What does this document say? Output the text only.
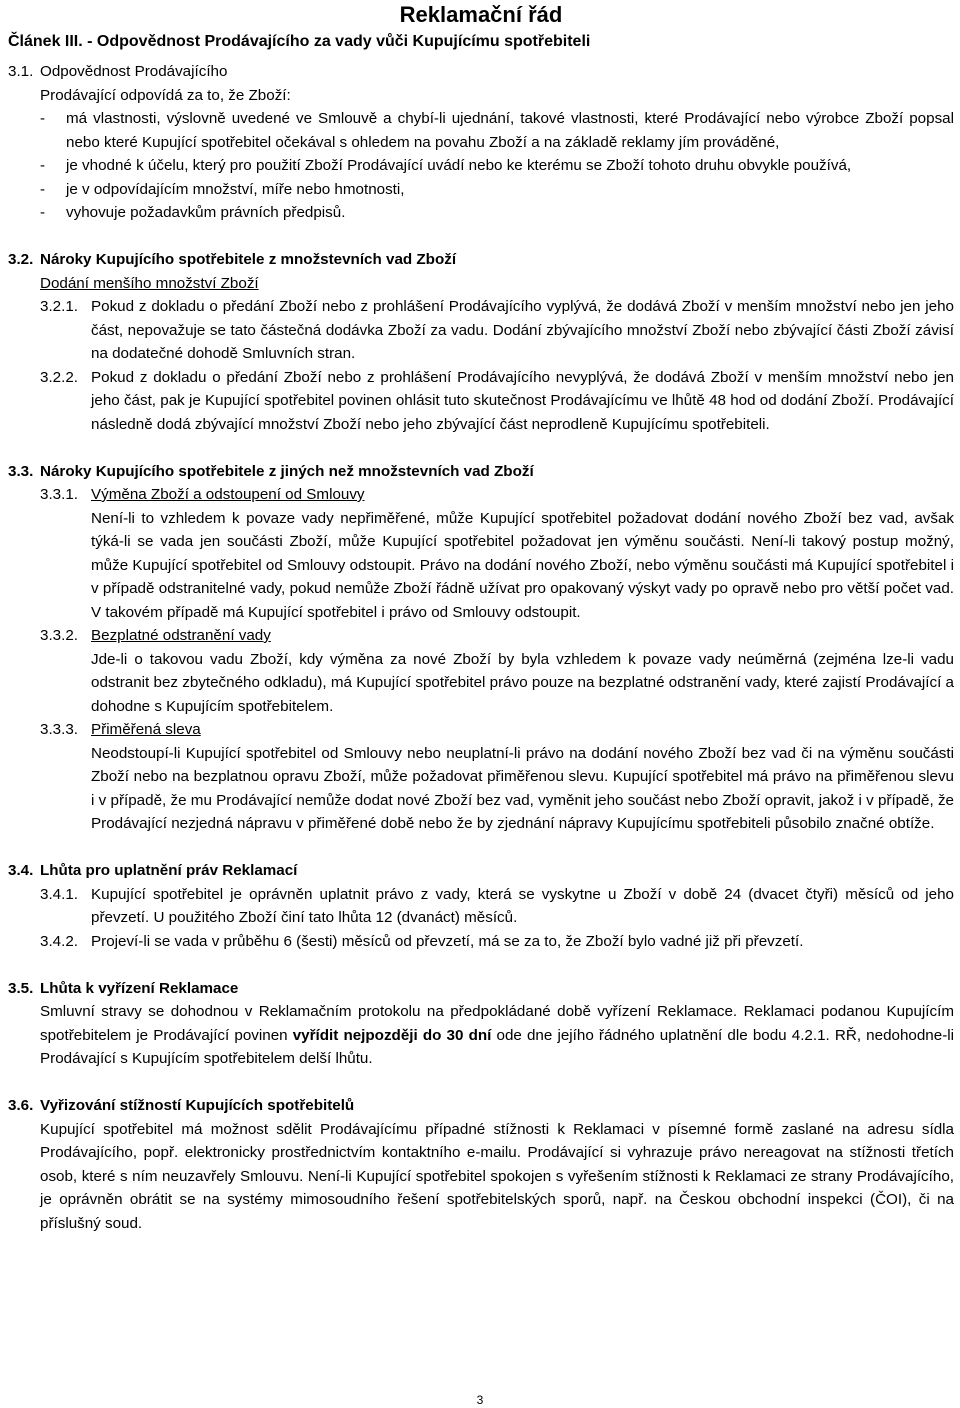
Reklamační řád
Článek III. - Odpovědnost Prodávajícího za vady vůči Kupujícímu spotřebiteli
3.1. Odpovědnost Prodávajícího

Prodávající odpovídá za to, že Zboží:

-	má vlastnosti, výslovně uvedené ve Smlouvě a chybí-li ujednání, takové vlastnosti, které Prodávající nebo výrobce Zboží popsal nebo které Kupující spotřebitel očekával s ohledem na povahu Zboží a na základě reklamy jím prováděné,
-	je vhodné k účelu, který pro použití Zboží Prodávající uvádí nebo ke kterému se Zboží tohoto druhu obvykle používá,
-	je v odpovídajícím množství, míře nebo hmotnosti,
-	vyhovuje požadavkům právních předpisů.
3.2. Nároky Kupujícího spotřebitele z množstevních vad Zboží

Dodání menšího množství Zboží

3.2.1. Pokud z dokladu o předání Zboží nebo z prohlášení Prodávajícího vyplývá, že dodává Zboží v menším množství nebo jen jeho část, nepovažuje se tato částečná dodávka Zboží za vadu. Dodání zbývajícího množství Zboží nebo zbývající části Zboží závisí na dodatečné dohodě Smluvních stran.
3.2.2. Pokud z dokladu o předání Zboží nebo z prohlášení Prodávajícího nevyplývá, že dodává Zboží v menším množství nebo jen jeho část, pak je Kupující spotřebitel povinen ohlásit tuto skutečnost Prodávajícímu ve lhůtě 48 hod od dodání Zboží. Prodávající následně dodá zbývající množství Zboží nebo jeho zbývající část neprodleně Kupujícímu spotřebiteli.
3.3. Nároky Kupujícího spotřebitele z jiných než množstevních vad Zboží
3.3.1. Výměna Zboží a odstoupení od Smlouvy

Není-li to vzhledem k povaze vady nepřiměřené, může Kupující spotřebitel požadovat dodání nového Zboží bez vad, avšak týká-li se vada jen součásti Zboží, může Kupující spotřebitel požadovat jen výměnu součásti. Není-li takový postup možný, může Kupující spotřebitel od Smlouvy odstoupit. Právo na dodání nového Zboží, nebo výměnu součásti má Kupující spotřebitel i v případě odstranitelné vady, pokud nemůže Zboží řádně užívat pro opakovaný výskyt vady po opravě nebo pro větší počet vad. V takovém případě má Kupující spotřebitel i právo od Smlouvy odstoupit.

3.3.2. Bezplatné odstranění vady

Jde-li o takovou vadu Zboží, kdy výměna za nové Zboží by byla vzhledem k povaze vady neúměrná (zejména lze-li vadu odstranit bez zbytečného odkladu), má Kupující spotřebitel právo pouze na bezplatné odstranění vady, které zajistí Prodávající a dohodne s Kupujícím spotřebitelem.

3.3.3. Přiměřená sleva

Neodstoupí-li Kupující spotřebitel od Smlouvy nebo neuplatní-li právo na dodání nového Zboží bez vad či na výměnu součásti Zboží nebo na bezplatnou opravu Zboží, může požadovat přiměřenou slevu. Kupující spotřebitel má právo na přiměřenou slevu i v případě, že mu Prodávající nemůže dodat nové Zboží bez vad, vyměnit jeho součást nebo Zboží opravit, jakož i v případě, že Prodávající nezjedná nápravu v přiměřené době nebo že by zjednání nápravy Kupujícímu spotřebiteli působilo značné obtíže.

3.4. Lhůta pro uplatnění práv Reklamací
3.4.1. Kupující spotřebitel je oprávněn uplatnit právo z vady, která se vyskytne u Zboží v době 24 (dvacet čtyři) měsíců od jeho převzetí. U použitého Zboží činí tato lhůta 12 (dvanáct) měsíců.
3.4.2. Projeví-li se vada v průběhu 6 (šesti) měsíců od převzetí, má se za to, že Zboží bylo vadné již při převzetí.
3.5. Lhůta k vyřízení Reklamace

Smluvní stravy se dohodnou v Reklamačním protokolu na předpokládané době vyřízení Reklamace. Reklamaci podanou Kupujícím spotřebitelem je Prodávající povinen vyřídit nejpozději do 30 dní ode dne jejího řádného uplatnění dle bodu 4.2.1. RŘ, nedohodne-li Prodávající s Kupujícím spotřebitelem delší lhůtu.

3.6. Vyřizování stížností Kupujících spotřebitelů

Kupující spotřebitel má možnost sdělit Prodávajícímu případné stížnosti k Reklamaci v písemné formě zaslané na adresu sídla Prodávajícího, popř. elektronicky prostřednictvím kontaktního e-mailu. Prodávající si vyhrazuje právo nereagovat na stížnosti třetích osob, které s ním neuzavřely Smlouvu. Není-li Kupující spotřebitel spokojen s vyřešením stížnosti k Reklamaci ze strany Prodávajícího, je oprávněn obrátit se na systémy mimosoudního řešení spotřebitelských sporů, např. na Českou obchodní inspekci (ČOI), či na příslušný soud.

3
